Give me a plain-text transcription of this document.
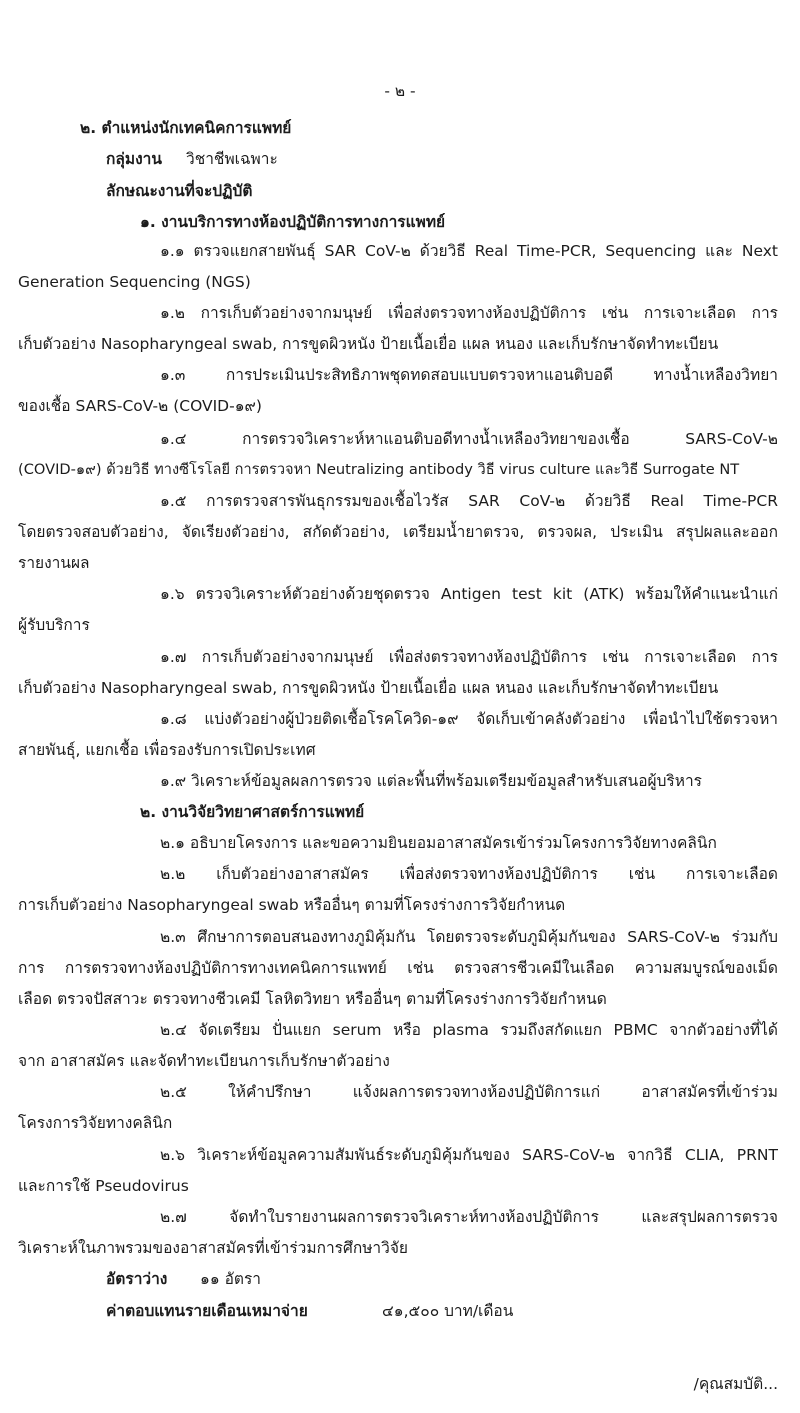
- ๒ -
๒. ตำแหน่งนักเทคนิคการแพทย์
กลุ่มงาน วิชาชีพเฉพาะ
ลักษณะงานที่จะปฏิบัติ
๑. งานบริการทางห้องปฏิบัติการทางการแพทย์
๑.๑ ตรวจแยกสายพันธุ์ SAR CoV-๒ ด้วยวิธี Real Time-PCR, Sequencing และ Next
Generation Sequencing (NGS)
๑.๒ การเก็บตัวอย่างจากมนุษย์ เพื่อส่งตรวจทางห้องปฏิบัติการ เช่น การเจาะเลือด การ
เก็บตัวอย่าง Nasopharyngeal swab, การขูดผิวหนัง ป้ายเนื้อเยื่อ แผล หนอง และเก็บรักษาจัดทำทะเบียน
๑.๓ การประเมินประสิทธิภาพชุดทดสอบแบบตรวจหาแอนติบอดี ทางน้ำเหลืองวิทยา
ของเชื้อ SARS-CoV-๒ (COVID-๑๙)
๑.๔ การตรวจวิเคราะห์หาแอนติบอดีทางน้ำเหลืองวิทยาของเชื้อ SARS-CoV-๒
(COVID-๑๙) ด้วยวิธี ทางซีโรโลยี การตรวจหา Neutralizing antibody วิธี virus culture และวิธี Surrogate NT
๑.๕ การตรวจสารพันธุกรรมของเชื้อไวรัส SAR CoV-๒ ด้วยวิธี Real Time-PCR
โดยตรวจสอบตัวอย่าง, จัดเรียงตัวอย่าง, สกัดตัวอย่าง, เตรียมน้ำยาตรวจ, ตรวจผล, ประเมิน สรุปผลและออก
รายงานผล
๑.๖ ตรวจวิเคราะห์ตัวอย่างด้วยชุดตรวจ Antigen test kit (ATK) พร้อมให้คำแนะนำแก่
ผู้รับบริการ
๑.๗ การเก็บตัวอย่างจากมนุษย์ เพื่อส่งตรวจทางห้องปฏิบัติการ เช่น การเจาะเลือด การ
เก็บตัวอย่าง Nasopharyngeal swab, การขูดผิวหนัง ป้ายเนื้อเยื่อ แผล หนอง และเก็บรักษาจัดทำทะเบียน
๑.๘ แบ่งตัวอย่างผู้ป่วยติดเชื้อโรคโควิด-๑๙ จัดเก็บเข้าคลังตัวอย่าง เพื่อนำไปใช้ตรวจหา
สายพันธุ์, แยกเชื้อ เพื่อรองรับการเปิดประเทศ
๑.๙ วิเคราะห์ข้อมูลผลการตรวจ แต่ละพื้นที่พร้อมเตรียมข้อมูลสำหรับเสนอผู้บริหาร
๒. งานวิจัยวิทยาศาสตร์การแพทย์
๒.๑ อธิบายโครงการ และขอความยินยอมอาสาสมัครเข้าร่วมโครงการวิจัยทางคลินิก
๒.๒ เก็บตัวอย่างอาสาสมัคร เพื่อส่งตรวจทางห้องปฏิบัติการ เช่น การเจาะเลือด
การเก็บตัวอย่าง Nasopharyngeal swab หรืออื่นๆ ตามที่โครงร่างการวิจัยกำหนด
๒.๓ ศึกษาการตอบสนองทางภูมิคุ้มกัน โดยตรวจระดับภูมิคุ้มกันของ SARS-CoV-๒ ร่วมกับ
การ การตรวจทางห้องปฏิบัติการทางเทคนิคการแพทย์ เช่น ตรวจสารชีวเคมีในเลือด ความสมบูรณ์ของเม็ด
เลือด ตรวจปัสสาวะ ตรวจทางชีวเคมี โลหิตวิทยา หรืออื่นๆ ตามที่โครงร่างการวิจัยกำหนด
๒.๔ จัดเตรียม ปั่นแยก serum หรือ plasma รวมถึงสกัดแยก PBMC จากตัวอย่างที่ได้
จาก อาสาสมัคร และจัดทำทะเบียนการเก็บรักษาตัวอย่าง
๒.๕ ให้คำปรึกษา แจ้งผลการตรวจทางห้องปฏิบัติการแก่ อาสาสมัครที่เข้าร่วม
โครงการวิจัยทางคลินิก
๒.๖ วิเคราะห์ข้อมูลความสัมพันธ์ระดับภูมิคุ้มกันของ SARS-CoV-๒ จากวิธี CLIA, PRNT
และการใช้ Pseudovirus
๒.๗ จัดทำใบรายงานผลการตรวจวิเคราะห์ทางห้องปฏิบัติการ และสรุปผลการตรวจ
วิเคราะห์ในภาพรวมของอาสาสมัครที่เข้าร่วมการศึกษาวิจัย
อัตราว่าง ๑๑ อัตรา
ค่าตอบแทนรายเดือนเหมาจ่าย	๔๑,๕๐๐ บาท/เดือน
/คุณสมบัติ...
